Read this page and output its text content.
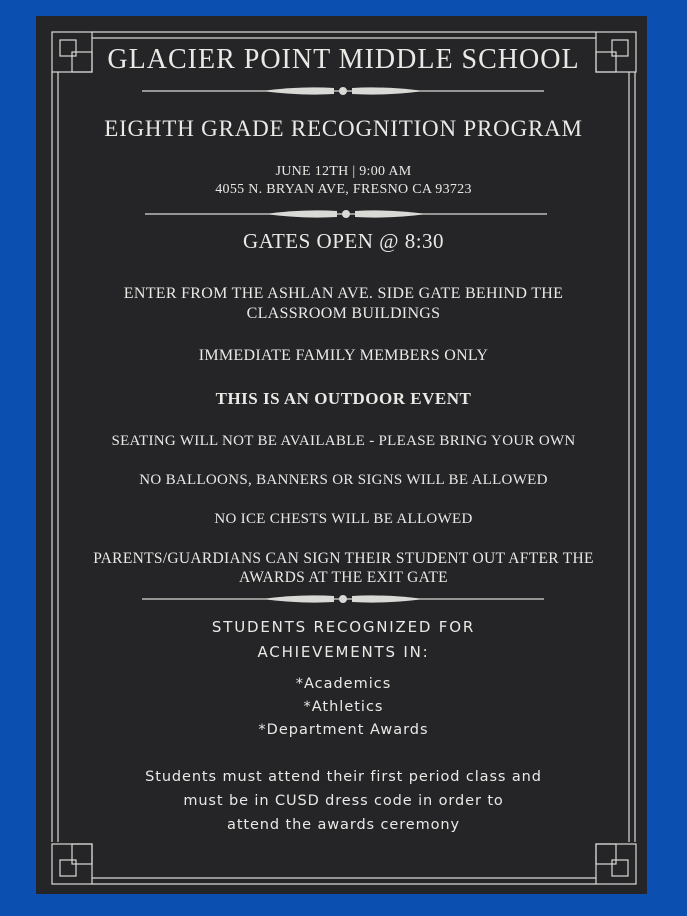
GLACIER POINT MIDDLE SCHOOL
EIGHTH GRADE RECOGNITION PROGRAM
JUNE 12TH | 9:00 AM
4055 N. BRYAN AVE, FRESNO CA 93723
GATES OPEN @ 8:30
ENTER FROM THE ASHLAN AVE. SIDE GATE BEHIND THE CLASSROOM BUILDINGS
IMMEDIATE FAMILY MEMBERS ONLY
THIS IS AN OUTDOOR EVENT
SEATING WILL NOT BE AVAILABLE - PLEASE BRING YOUR OWN
NO BALLOONS, BANNERS OR SIGNS WILL BE ALLOWED
NO ICE CHESTS WILL BE ALLOWED
PARENTS/GUARDIANS CAN SIGN THEIR STUDENT OUT AFTER THE AWARDS AT THE EXIT GATE
STUDENTS RECOGNIZED FOR
ACHIEVEMENTS IN:
*Academics
*Athletics
*Department Awards
Students must attend their first period class and
must be in CUSD dress code in order to
attend the awards ceremony
